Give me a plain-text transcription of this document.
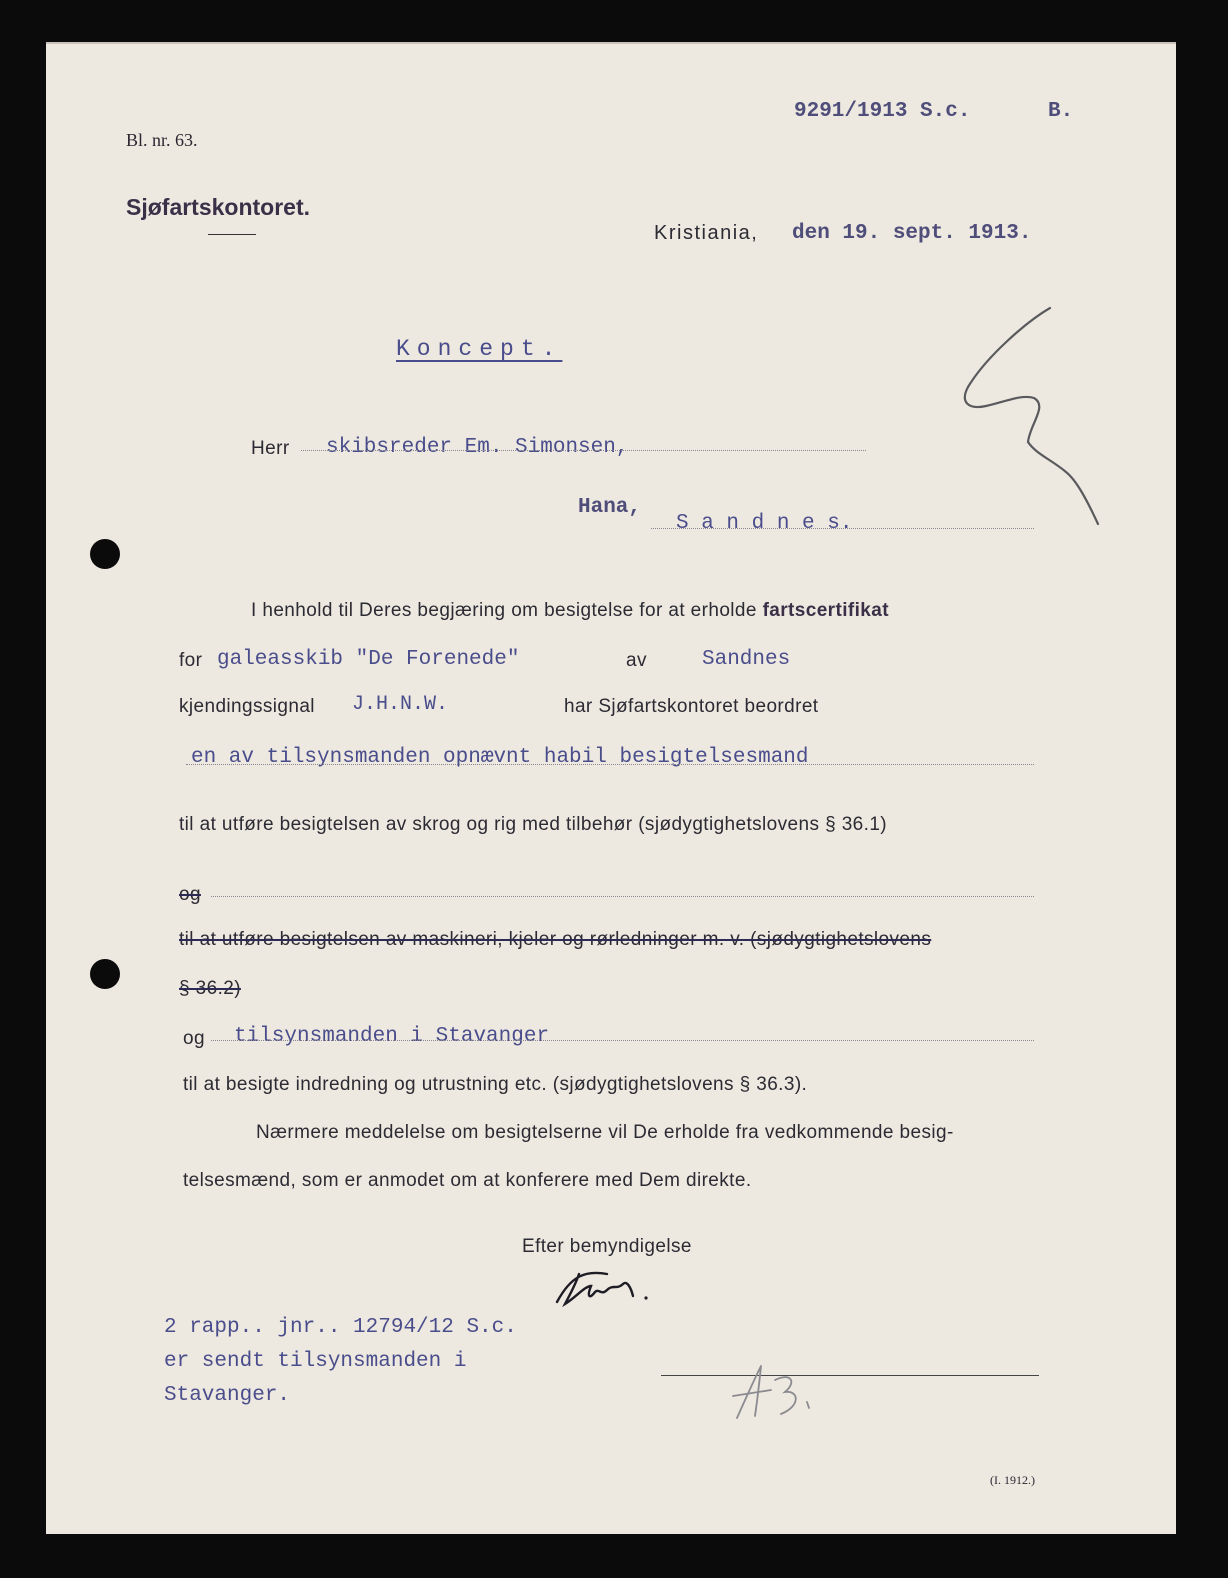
9291/1913 S.c.	B.
Bl. nr. 63.
Sjøfartskontoret.
Kristiania, den 19. sept. 1913.
Koncept.
Herr skibsreder Em. Simonsen,
Hana,
S a n d n e s.
I henhold til Deres begjæring om besigtelse for at erholde fartscertifikat
for galeasskib "De Forenede"	av	Sandnes
kjendingssignal J.H.N.W.	har Sjøfartskontoret beordret
en av tilsynsmanden opnævnt habil besigtelsesmand
til at utføre besigtelsen av skrog og rig med tilbehør (sjødygtighetslovens § 36.1)
og
til at utføre besigtelsen av maskineri, kjeler og rørledninger m. v. (sjødygtighetslovens
§ 36.2)
og tilsynsmanden i Stavanger
til at besigte indredning og utrustning etc. (sjødygtighetslovens § 36.3).
Nærmere meddelelse om besigtelserne vil De erholde fra vedkommende besig-
telsesmænd, som er anmodet om at konferere med Dem direkte.
Efter bemyndigelse
2 rapp.. jnr.. 12794/12 S.c.
er sendt tilsynsmanden i
Stavanger.
(I. 1912.)
